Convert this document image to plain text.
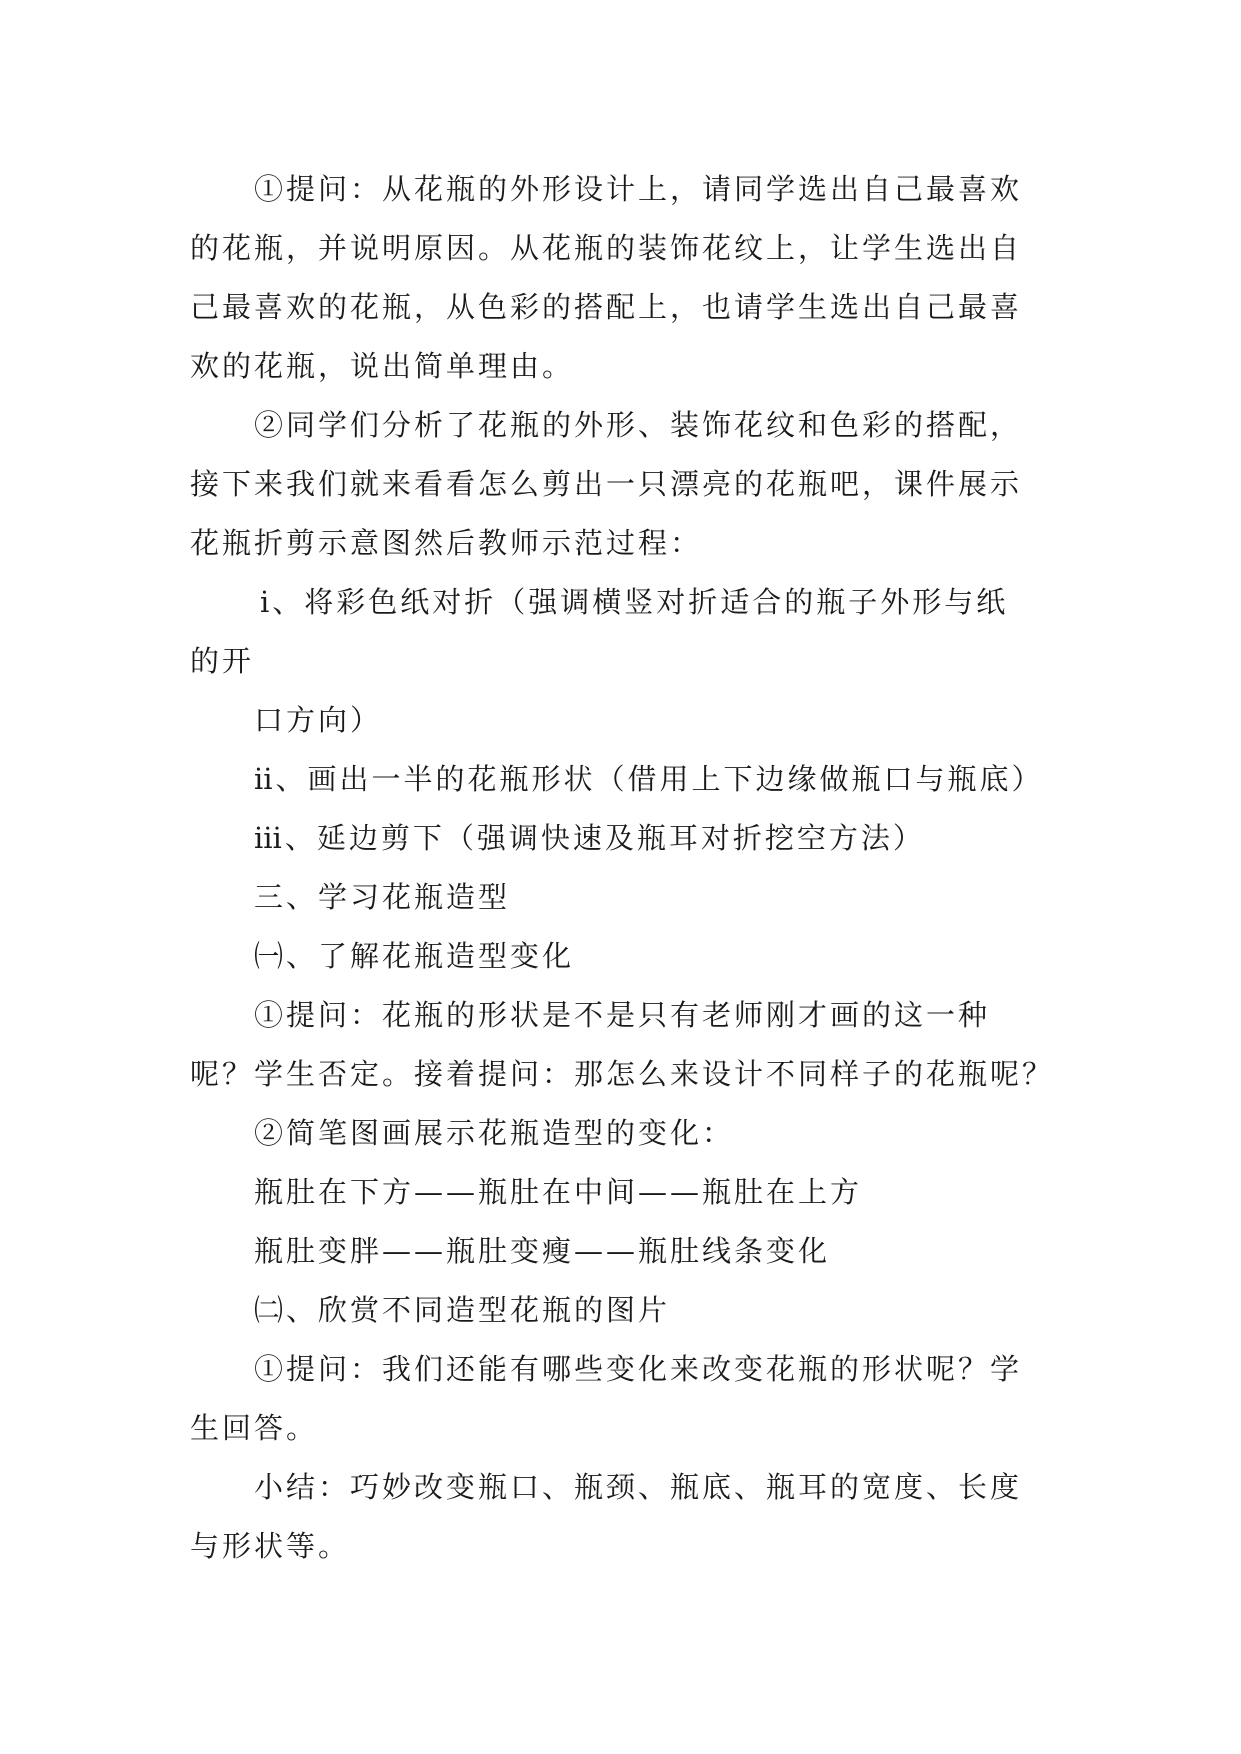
①提问：从花瓶的外形设计上，请同学选出自己最喜欢
的花瓶，并说明原因。从花瓶的装饰花纹上，让学生选出自
己最喜欢的花瓶，从色彩的搭配上，也请学生选出自己最喜
欢的花瓶，说出简单理由。
②同学们分析了花瓶的外形、装饰花纹和色彩的搭配，
接下来我们就来看看怎么剪出一只漂亮的花瓶吧，课件展示
花瓶折剪示意图然后教师示范过程：
ⅰ、将彩色纸对折（强调横竖对折适合的瓶子外形与纸
的开
口方向）
ⅱ、画出一半的花瓶形状（借用上下边缘做瓶口与瓶底）
ⅲ、延边剪下（强调快速及瓶耳对折挖空方法）
三、学习花瓶造型
㈠、了解花瓶造型变化
①提问：花瓶的形状是不是只有老师刚才画的这一种
呢？学生否定。接着提问：那怎么来设计不同样子的花瓶呢？
②简笔图画展示花瓶造型的变化：
瓶肚在下方——瓶肚在中间——瓶肚在上方
瓶肚变胖——瓶肚变瘦——瓶肚线条变化
㈡、欣赏不同造型花瓶的图片
①提问：我们还能有哪些变化来改变花瓶的形状呢？学
生回答。
小结：巧妙改变瓶口、瓶颈、瓶底、瓶耳的宽度、长度
与形状等。
